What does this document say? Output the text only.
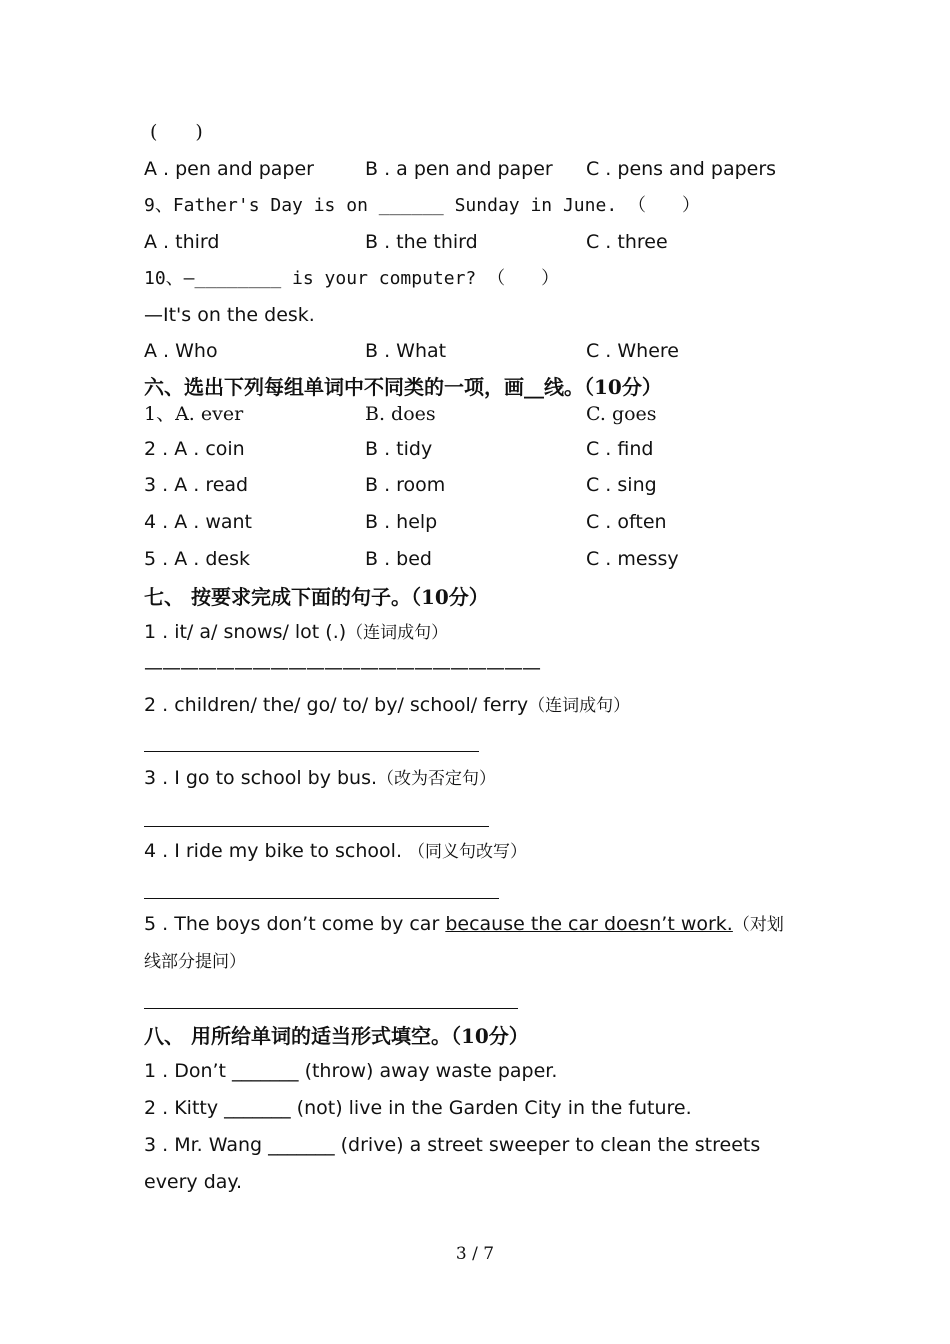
(　　)
A . pen and paper	B . a pen and paper C . pens and papers
9、Father's Day is on ______ Sunday in June. （　　）
A . third	B . the third	C . three
10、—________ is your computer? （　　）
—It's on the desk.
A . Who	B . What	C . Where
六、选出下列每组单词中不同类的一项，画__线。（10分）
1、A. ever	B. does	C. goes
2 . A . coin	B . tidy	C . find
3 . A . read	B . room	C . sing
4 . A . want	B . help	C . often
5 . A . desk	B . bed	C . messy
七、 按要求完成下面的句子。（10分）
1 . it/ a/ snows/ lot (.)（连词成句）
——————————————————————
2 . children/ the/ go/ to/ by/ school/ ferry（连词成句）
3 . I go to school by bus.（改为否定句）
4 . I ride my bike to school. （同义句改写）
5 . The boys don’t come by car because the car doesn’t work.（对划
线部分提问）
八、 用所给单词的适当形式填空。（10分）
1 . Don’t _______ (throw) away waste paper.
2 . Kitty _______ (not) live in the Garden City in the future.
3 . Mr. Wang _______ (drive) a street sweeper to clean the streets
every day.
3 / 7
